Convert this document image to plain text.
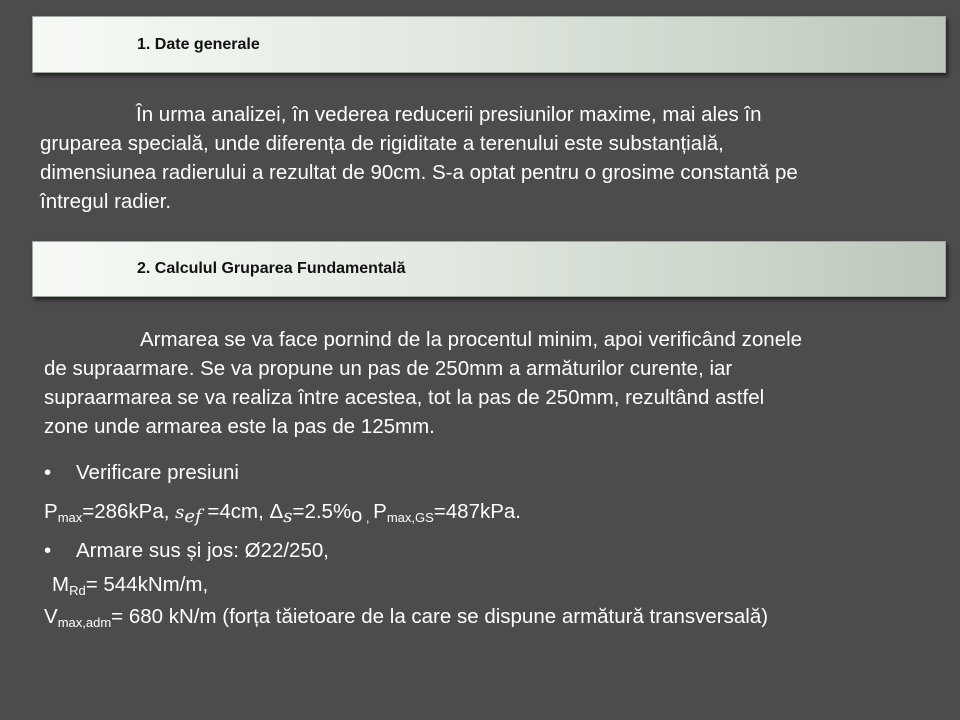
1. Date generale
În urma analizei, în vederea reducerii presiunilor maxime, mai ales în
gruparea specială, unde diferența de rigiditate a terenului este substanțială,
dimensiunea radierului a rezultat de 90cm. S-a optat pentru o grosime constantă pe
întregul radier.
2. Calculul Gruparea Fundamentală
Armarea se va face pornind de la procentul minim, apoi verificând zonele
de supraarmare. Se va propune un pas de 250mm a armăturilor curente, iar
supraarmarea se va realiza între acestea, tot la pas de 250mm, rezultând astfel
zone unde armarea este la pas de 125mm.
• Verificare presiuni
$P_{max}=286kPa$, $s_{ef} =4cm$, $\Delta_s=2.5\%_o$ $_,$ $P_{max,GS}=487kPa$.
• Armare sus și jos: Ø22/250,
$M_{Rd}= 544kNm/m$,
$V_{max,adm}= 680$ kN/m (forța tăietoare de la care se dispune armătură transversală)
